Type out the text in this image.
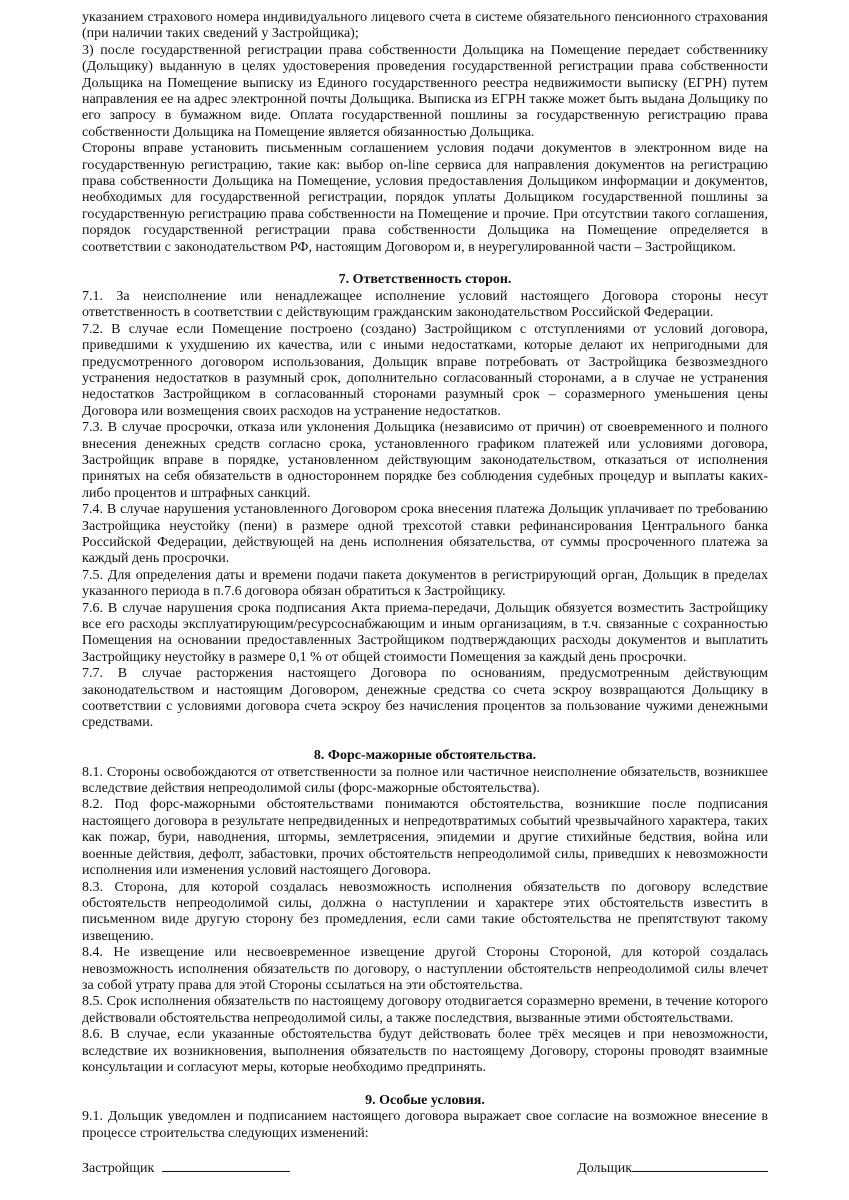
указанием страхового номера индивидуального лицевого счета в системе обязательного пенсионного страхования (при наличии таких сведений у Застройщика);

3) после государственной регистрации права собственности Дольщика на Помещение передает собственнику (Дольщику) выданную в целях удостоверения проведения государственной регистрации права собственности Дольщика на Помещение выписку из Единого государственного реестра недвижимости выписку (ЕГРН) путем направления ее на адрес электронной почты Дольщика. Выписка из ЕГРН также может быть выдана Дольщику по его запросу в бумажном виде. Оплата государственной пошлины за государственную регистрацию права собственности Дольщика на Помещение является обязанностью Дольщика.

Стороны вправе установить письменным соглашением условия подачи документов в электронном виде на государственную регистрацию, такие как: выбор on-line сервиса для направления документов на регистрацию права собственности Дольщика на Помещение, условия предоставления Дольщиком информации и документов, необходимых для государственной регистрации, порядок уплаты Дольщиком государственной пошлины за государственную регистрацию права собственности на Помещение и прочие. При отсутствии такого соглашения, порядок государственной регистрации права собственности Дольщика на Помещение определяется в соответствии с законодательством РФ, настоящим Договором и, в неурегулированной части – Застройщиком.

7. Ответственность сторон.

7.1. За неисполнение или ненадлежащее исполнение условий настоящего Договора стороны несут ответственность в соответствии с действующим гражданским законодательством Российской Федерации.

7.2. В случае если Помещение построено (создано) Застройщиком с отступлениями от условий договора, приведшими к ухудшению их качества, или с иными недостатками, которые делают их непригодными для предусмотренного договором использования, Дольщик вправе потребовать от Застройщика безвозмездного устранения недостатков в разумный срок, дополнительно согласованный сторонами, а в случае не устранения недостатков Застройщиком в согласованный сторонами разумный срок – соразмерного уменьшения цены Договора или возмещения своих расходов на устранение недостатков.

7.3. В случае просрочки, отказа или уклонения Дольщика (независимо от причин) от своевременного и полного внесения денежных средств согласно срока, установленного графиком платежей или условиями договора, Застройщик вправе в порядке, установленном действующим законодательством, отказаться от исполнения принятых на себя обязательств в одностороннем порядке без соблюдения судебных процедур и выплаты каких-либо процентов и штрафных санкций.

7.4. В случае нарушения установленного Договором срока внесения платежа Дольщик уплачивает по требованию Застройщика неустойку (пени) в размере одной трехсотой ставки рефинансирования Центрального банка Российской Федерации, действующей на день исполнения обязательства, от суммы просроченного платежа за каждый день просрочки.

7.5. Для определения даты и времени подачи пакета документов в регистрирующий орган, Дольщик в пределах указанного периода в п.7.6 договора обязан обратиться к Застройщику.

7.6. В случае нарушения срока подписания Акта приема-передачи, Дольщик обязуется возместить Застройщику все его расходы эксплуатирующим/ресурсоснабжающим и иным организациям, в т.ч. связанные с сохранностью Помещения на основании предоставленных Застройщиком подтверждающих расходы документов и выплатить Застройщику неустойку в размере 0,1 % от общей стоимости Помещения за каждый день просрочки.

7.7. В случае расторжения настоящего Договора по основаниям, предусмотренным действующим законодательством и настоящим Договором, денежные средства со счета эскроу возвращаются Дольщику в соответствии с условиями договора счета эскроу без начисления процентов за пользование чужими денежными средствами.

8. Форс-мажорные обстоятельства.

8.1. Стороны освобождаются от ответственности за полное или частичное неисполнение обязательств, возникшее вследствие действия непреодолимой силы (форс-мажорные обстоятельства).

8.2. Под форс-мажорными обстоятельствами понимаются обстоятельства, возникшие после подписания настоящего договора в результате непредвиденных и непредотвратимых событий чрезвычайного характера, таких как пожар, бури, наводнения, штормы, землетрясения, эпидемии и другие стихийные бедствия, война или военные действия, дефолт, забастовки, прочих обстоятельств непреодолимой силы, приведших к невозможности исполнения или изменения условий настоящего Договора.

8.3. Сторона, для которой создалась невозможность исполнения обязательств по договору вследствие обстоятельств непреодолимой силы, должна о наступлении и характере этих обстоятельств известить в письменном виде другую сторону без промедления, если сами такие обстоятельства не препятствуют такому извещению.

8.4. Не извещение или несвоевременное извещение другой Стороны Стороной, для которой создалась невозможность исполнения обязательств по договору, о наступлении обстоятельств непреодолимой силы влечет за собой утрату права для этой Стороны ссылаться на эти обстоятельства.

8.5. Срок исполнения обязательств по настоящему договору отодвигается соразмерно времени, в течение которого действовали обстоятельства непреодолимой силы, а также последствия, вызванные этими обстоятельствами.

8.6. В случае, если указанные обстоятельства будут действовать более трёх месяцев и при невозможности, вследствие их возникновения, выполнения обязательств по настоящему Договору, стороны проводят взаимные консультации и согласуют меры, которые необходимо предпринять.

9. Особые условия.

9.1. Дольщик уведомлен и подписанием настоящего договора выражает свое согласие на возможное внесение в процессе строительства следующих изменений:

Застройщик	Дольщик
